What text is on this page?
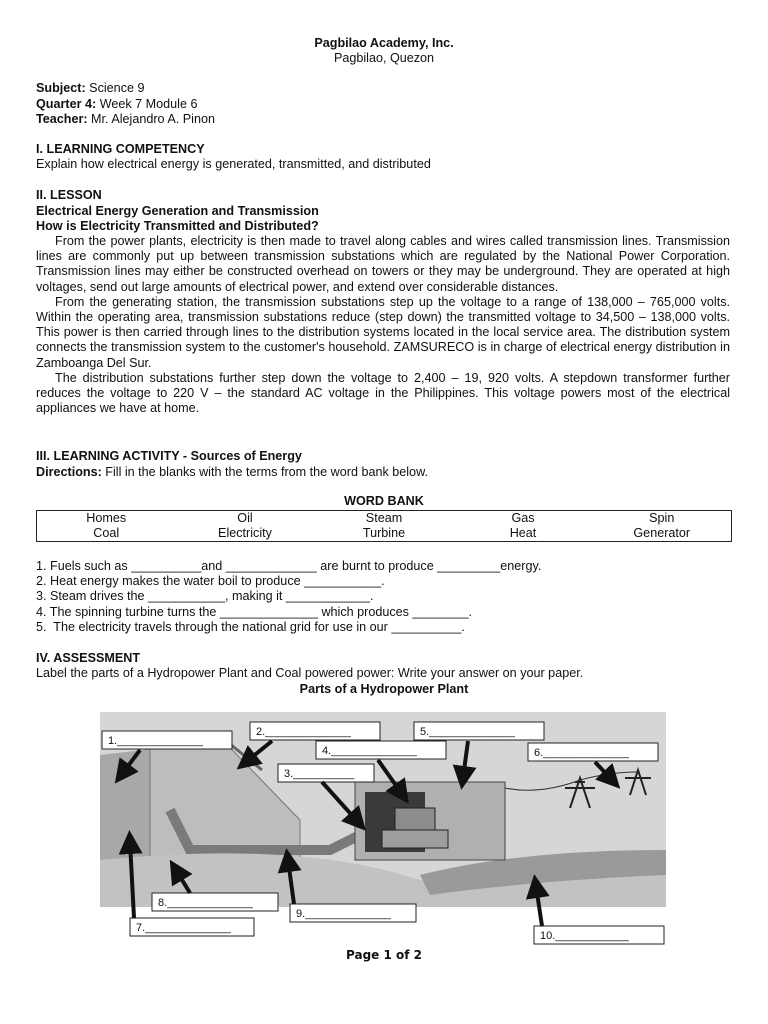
Pagbilao Academy, Inc.
Pagbilao, Quezon
Subject: Science 9
Quarter 4: Week 7 Module 6
Teacher: Mr. Alejandro A. Pinon
I. LEARNING COMPETENCY
Explain how electrical energy is generated, transmitted, and distributed
II. LESSON
Electrical Energy Generation and Transmission
How is Electricity Transmitted and Distributed?

From the power plants, electricity is then made to travel along cables and wires called transmission lines. Transmission lines are commonly put up between transmission substations which are regulated by the National Power Corporation. Transmission lines may either be constructed overhead on towers or they may be underground. They are operated at high voltages, send out large amounts of electrical power, and extend over considerable distances.

From the generating station, the transmission substations step up the voltage to a range of 138,000 – 765,000 volts. Within the operating area, transmission substations reduce (step down) the transmitted voltage to 34,500 – 138,000 volts. This power is then carried through lines to the distribution systems located in the local service area. The distribution system connects the transmission system to the customer's household. ZAMSURECO is in charge of electrical energy distribution in Zamboanga Del Sur.

The distribution substations further step down the voltage to 2,400 – 19, 920 volts. A stepdown transformer further reduces the voltage to 220 V – the standard AC voltage in the Philippines. This voltage powers most of the electrical appliances we have at home.

III. LEARNING ACTIVITY - Sources of Energy
Directions: Fill in the blanks with the terms from the word bank below.
WORD BANK
Homes	Oil	Steam	Gas	Spin
Coal	Electricity	Turbine	Heat	Generator
1. Fuels such as __________and _____________ are burnt to produce _________energy.
2. Heat energy makes the water boil to produce ___________.
3. Steam drives the ___________, making it ____________.
4. The spinning turbine turns the ______________ which produces ________.
5.  The electricity travels through the national grid for use in our __________.
IV. ASSESSMENT
Label the parts of a Hydropower Plant and Coal powered power: Write your answer on your paper.
Parts of a Hydropower Plant
1.______________
2.______________
3.__________
4.______________
5.______________
6.______________
7.______________
8.______________
9.______________
10.____________
Page 1 of 2
